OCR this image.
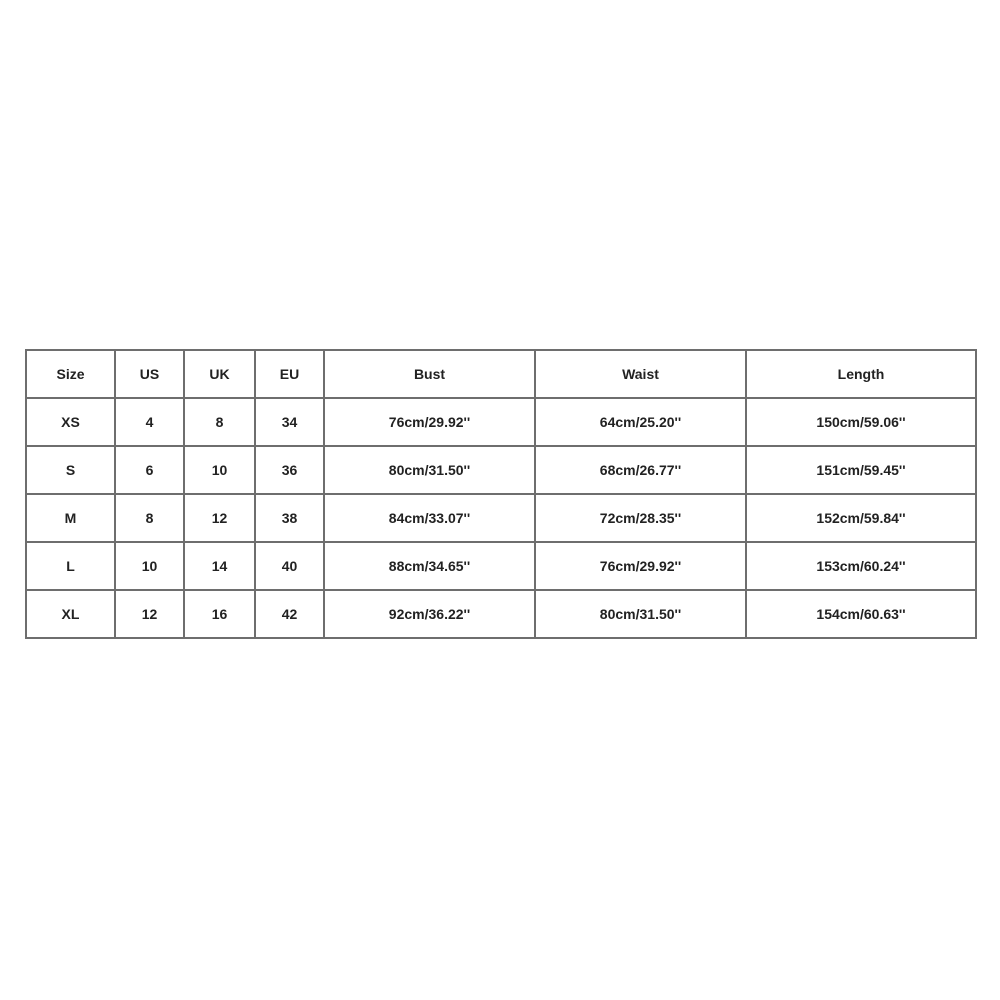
Size	US	UK	EU	Bust	Waist	Length
XS	4	8	34	76cm/29.92''	64cm/25.20''	150cm/59.06''
S	6	10	36	80cm/31.50''	68cm/26.77''	151cm/59.45''
M	8	12	38	84cm/33.07''	72cm/28.35''	152cm/59.84''
L	10	14	40	88cm/34.65''	76cm/29.92''	153cm/60.24''
XL	12	16	42	92cm/36.22''	80cm/31.50''	154cm/60.63''
